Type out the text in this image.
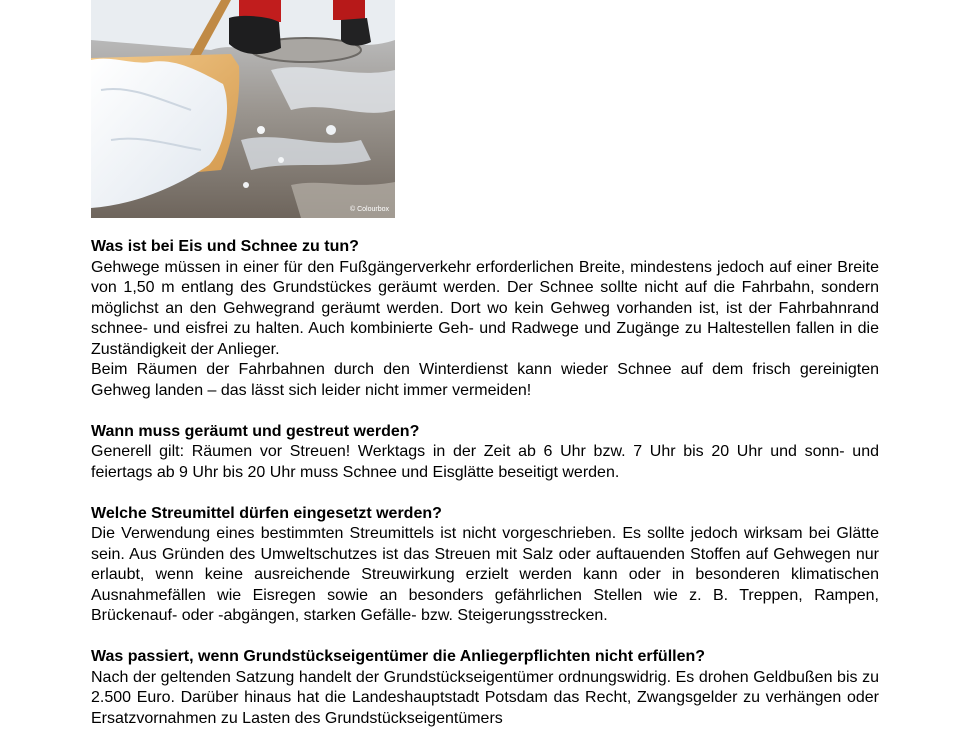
© Colourbox
Was ist bei Eis und Schnee zu tun?

Gehwege müssen in einer für den Fußgängerverkehr erforderlichen Breite, mindestens jedoch auf einer Breite von 1,50 m entlang des Grundstückes geräumt werden. Der Schnee sollte nicht auf die Fahrbahn, sondern möglichst an den Gehwegrand geräumt werden. Dort wo kein Gehweg vorhanden ist, ist der Fahrbahnrand schnee- und eisfrei zu halten. Auch kombinierte Geh- und Radwege und Zugänge zu Haltestellen fallen in die Zuständigkeit der Anlieger.

Beim Räumen der Fahrbahnen durch den Winterdienst kann wieder Schnee auf dem frisch gereinigten Gehweg landen – das lässt sich leider nicht immer vermeiden!

Wann muss geräumt und gestreut werden?

Generell gilt: Räumen vor Streuen! Werktags in der Zeit ab 6 Uhr bzw. 7 Uhr bis 20 Uhr und sonn- und feiertags ab 9 Uhr bis 20 Uhr muss Schnee und Eisglätte beseitigt werden.

Welche Streumittel dürfen eingesetzt werden?

Die Verwendung eines bestimmten Streumittels ist nicht vorgeschrieben. Es sollte jedoch wirksam bei Glätte sein. Aus Gründen des Umweltschutzes ist das Streuen mit Salz oder auftauenden Stoffen auf Gehwegen nur erlaubt, wenn keine ausreichende Streuwirkung erzielt werden kann oder in besonderen klimatischen Ausnahmefällen wie Eisregen sowie an besonders gefährlichen Stellen wie z. B. Treppen, Rampen, Brückenauf- oder -abgängen, starken Gefälle- bzw. Steigerungsstrecken.

Was passiert, wenn Grundstückseigentümer die Anliegerpflichten nicht erfüllen?

Nach der geltenden Satzung handelt der Grundstückseigentümer ordnungswidrig. Es drohen Geldbußen bis zu 2.500 Euro. Darüber hinaus hat die Landeshauptstadt Potsdam das Recht, Zwangsgelder zu verhängen oder Ersatzvornahmen zu Lasten des Grundstückseigentümers
